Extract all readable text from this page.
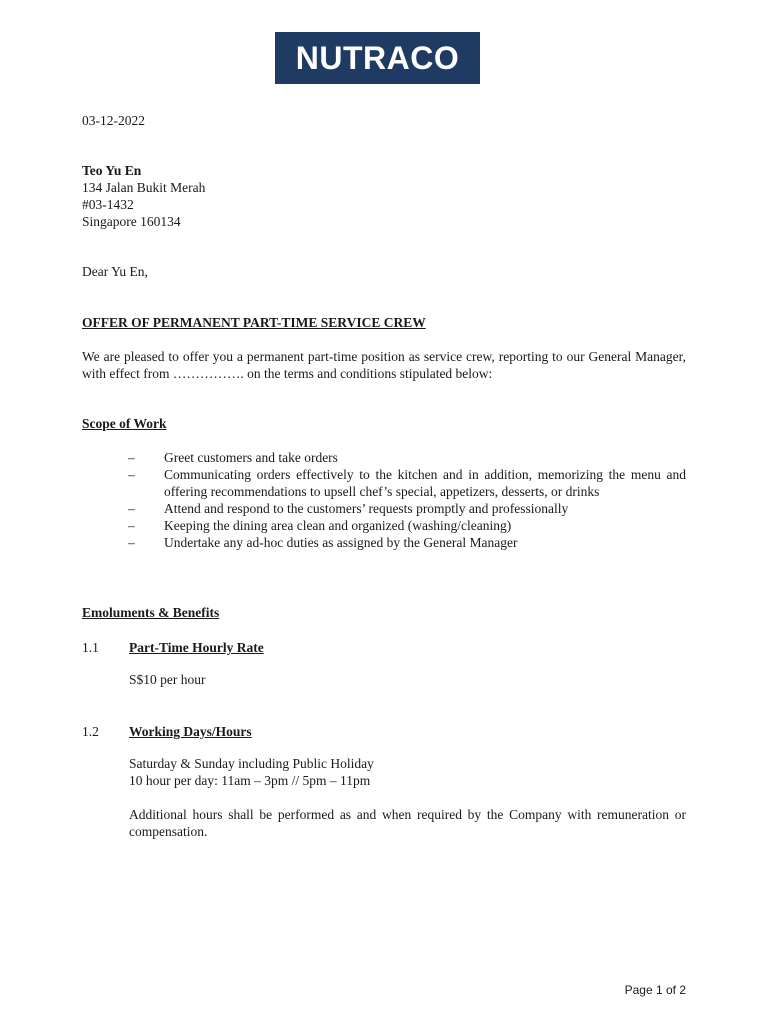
NUTRACO
03-12-2022
Teo Yu En
134 Jalan Bukit Merah
#03-1432
Singapore 160134
Dear Yu En,
OFFER OF PERMANENT PART-TIME SERVICE CREW
We are pleased to offer you a permanent part-time position as service crew, reporting to our General Manager, with effect from ……………. on the terms and conditions stipulated below:
Scope of Work
– Greet customers and take orders
– Communicating orders effectively to the kitchen and in addition, memorizing the menu and offering recommendations to upsell chef’s special, appetizers, desserts, or drinks
– Attend and respond to the customers’ requests promptly and professionally
– Keeping the dining area clean and organized (washing/cleaning)
– Undertake any ad-hoc duties as assigned by the General Manager
Emoluments & Benefits
1.1 Part-Time Hourly Rate
S$10 per hour
1.2 Working Days/Hours
Saturday & Sunday including Public Holiday
10 hour per day: 11am – 3pm // 5pm – 11pm
Additional hours shall be performed as and when required by the Company with remuneration or compensation.
Page 1 of 2
